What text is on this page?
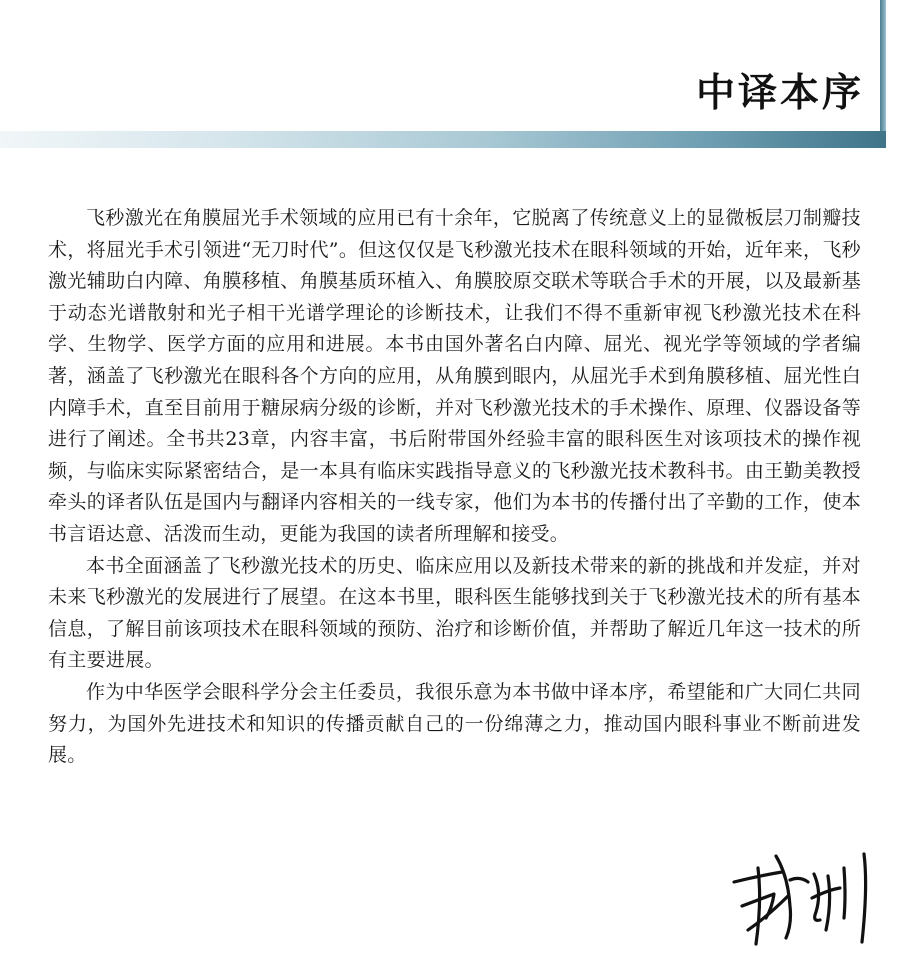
中译本序

飞秒激光在角膜屈光手术领域的应用已有十余年，它脱离了传统意义上的显微板层刀制瓣技术，将屈光手术引领进“无刀时代”。但这仅仅是飞秒激光技术在眼科领域的开始，近年来，飞秒激光辅助白内障、角膜移植、角膜基质环植入、角膜胶原交联术等联合手术的开展，以及最新基于动态光谱散射和光子相干光谱学理论的诊断技术，让我们不得不重新审视飞秒激光技术在科学、生物学、医学方面的应用和进展。本书由国外著名白内障、屈光、视光学等领域的学者编著，涵盖了飞秒激光在眼科各个方向的应用，从角膜到眼内，从屈光手术到角膜移植、屈光性白内障手术，直至目前用于糖尿病分级的诊断，并对飞秒激光技术的手术操作、原理、仪器设备等进行了阐述。全书共23章，内容丰富，书后附带国外经验丰富的眼科医生对该项技术的操作视频，与临床实际紧密结合，是一本具有临床实践指导意义的飞秒激光技术教科书。由王勤美教授牵头的译者队伍是国内与翻译内容相关的一线专家，他们为本书的传播付出了辛勤的工作，使本书言语达意、活泼而生动，更能为我国的读者所理解和接受。

本书全面涵盖了飞秒激光技术的历史、临床应用以及新技术带来的新的挑战和并发症，并对未来飞秒激光的发展进行了展望。在这本书里，眼科医生能够找到关于飞秒激光技术的所有基本信息，了解目前该项技术在眼科领域的预防、治疗和诊断价值，并帮助了解近几年这一技术的所有主要进展。

作为中华医学会眼科学分会主任委员，我很乐意为本书做中译本序，希望能和广大同仁共同努力，为国外先进技术和知识的传播贡献自己的一份绵薄之力，推动国内眼科事业不断前进发展。
